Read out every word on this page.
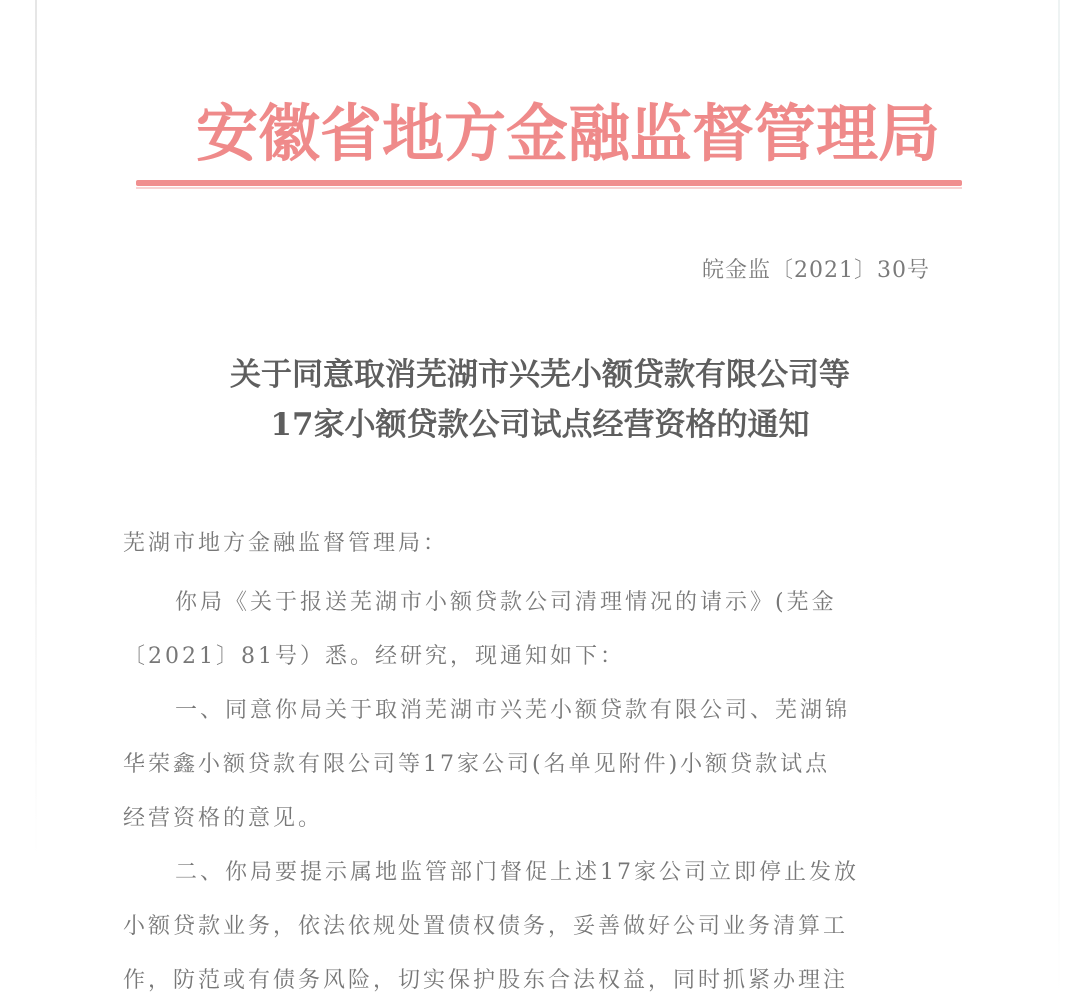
安徽省地方金融监督管理局
皖金监〔2021〕30号
关于同意取消芜湖市兴芜小额贷款有限公司等
17家小额贷款公司试点经营资格的通知
芜湖市地方金融监督管理局：
你局《关于报送芜湖市小额贷款公司清理情况的请示》(芜金
〔2021〕81号）悉。经研究，现通知如下：
一、同意你局关于取消芜湖市兴芜小额贷款有限公司、芜湖锦
华荣鑫小额贷款有限公司等17家公司(名单见附件)小额贷款试点
经营资格的意见。
二、你局要提示属地监管部门督促上述17家公司立即停止发放
小额贷款业务，依法依规处置债权债务，妥善做好公司业务清算工
作，防范或有债务风险，切实保护股东合法权益，同时抓紧办理注
